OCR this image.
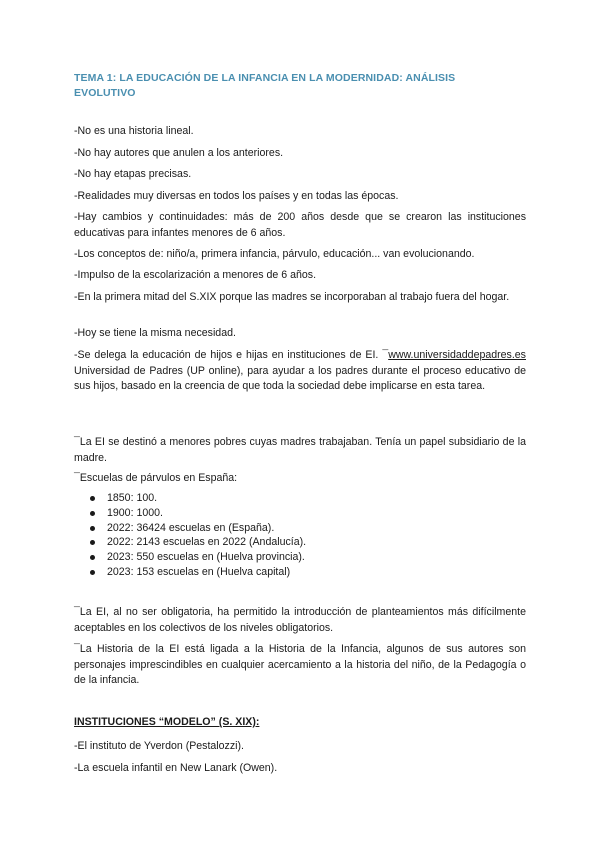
TEMA 1: LA EDUCACIÓN DE LA INFANCIA EN LA MODERNIDAD: ANÁLISIS EVOLUTIVO

-No es una historia lineal.

-No hay autores que anulen a los anteriores.

-No hay etapas precisas.

-Realidades muy diversas en todos los países y en todas las épocas.

-Hay cambios y continuidades: más de 200 años desde que se crearon las instituciones educativas para infantes menores de 6 años.

-Los conceptos de: niño/a, primera infancia, párvulo, educación... van evolucionando.

-Impulso de la escolarización a menores de 6 años.

-En la primera mitad del S.XIX porque las madres se incorporaban al trabajo fuera del hogar.

-Hoy se tiene la misma necesidad.

-Se delega la educación de hijos e hijas en instituciones de EI. ¯www.universidaddepadres.es Universidad de Padres (UP online), para ayudar a los padres durante el proceso educativo de sus hijos, basado en la creencia de que toda la sociedad debe implicarse en esta tarea.

¯La EI se destinó a menores pobres cuyas madres trabajaban. Tenía un papel subsidiario de la madre.

¯Escuelas de párvulos en España:

1850: 100.
1900: 1000.
2022: 36424 escuelas en (España).
2022: 2143 escuelas en 2022 (Andalucía).
2023: 550 escuelas en (Huelva provincia).
2023: 153 escuelas en (Huelva capital)

¯La EI, al no ser obligatoria, ha permitido la introducción de planteamientos más difícilmente aceptables en los colectivos de los niveles obligatorios.

¯La Historia de la EI está ligada a la Historia de la Infancia, algunos de sus autores son personajes imprescindibles en cualquier acercamiento a la historia del niño, de la Pedagogía o de la infancia.

INSTITUCIONES “MODELO” (S. XIX):

-El instituto de Yverdon (Pestalozzi).

-La escuela infantil en New Lanark (Owen).
